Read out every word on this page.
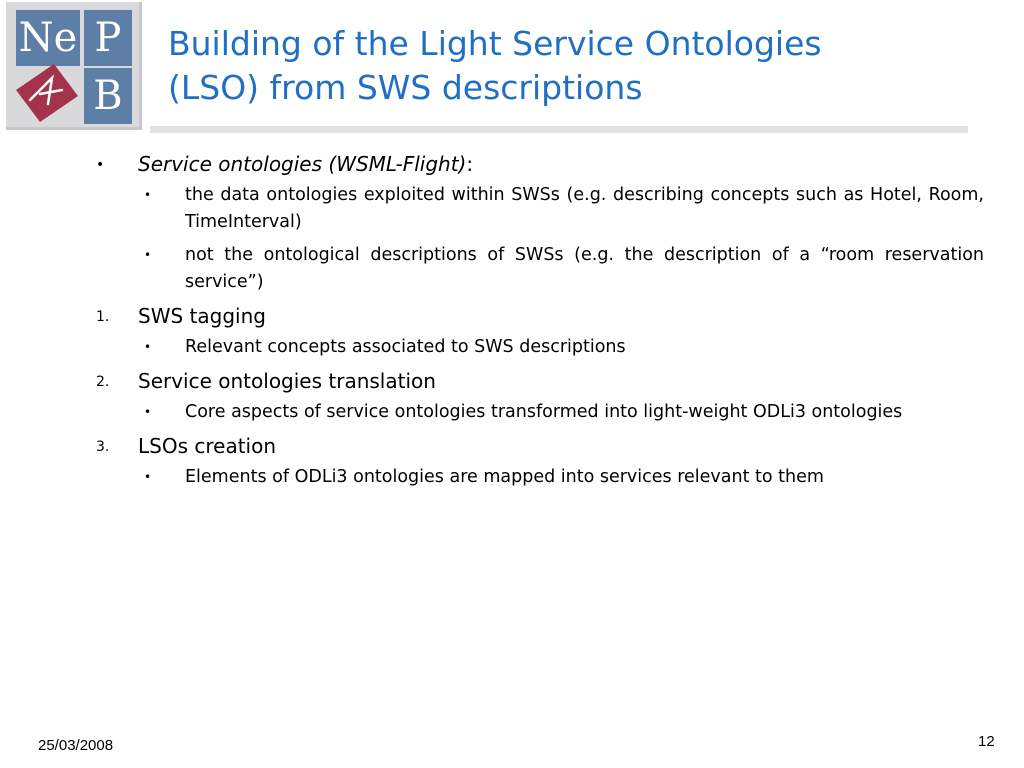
Ne P
B
Building of the Light Service Ontologies
(LSO) from SWS descriptions
• Service ontologies (WSML-Flight):
• the data ontologies exploited within SWSs (e.g. describing concepts such as Hotel, Room, TimeInterval)
• not the ontological descriptions of SWSs (e.g. the description of a “room reservation service”)
1. SWS tagging
• Relevant concepts associated to SWS descriptions
2. Service ontologies translation
• Core aspects of service ontologies transformed into light-weight ODLi3 ontologies
3. LSOs creation
• Elements of ODLi3 ontologies are mapped into services relevant to them
25/03/2008	12
